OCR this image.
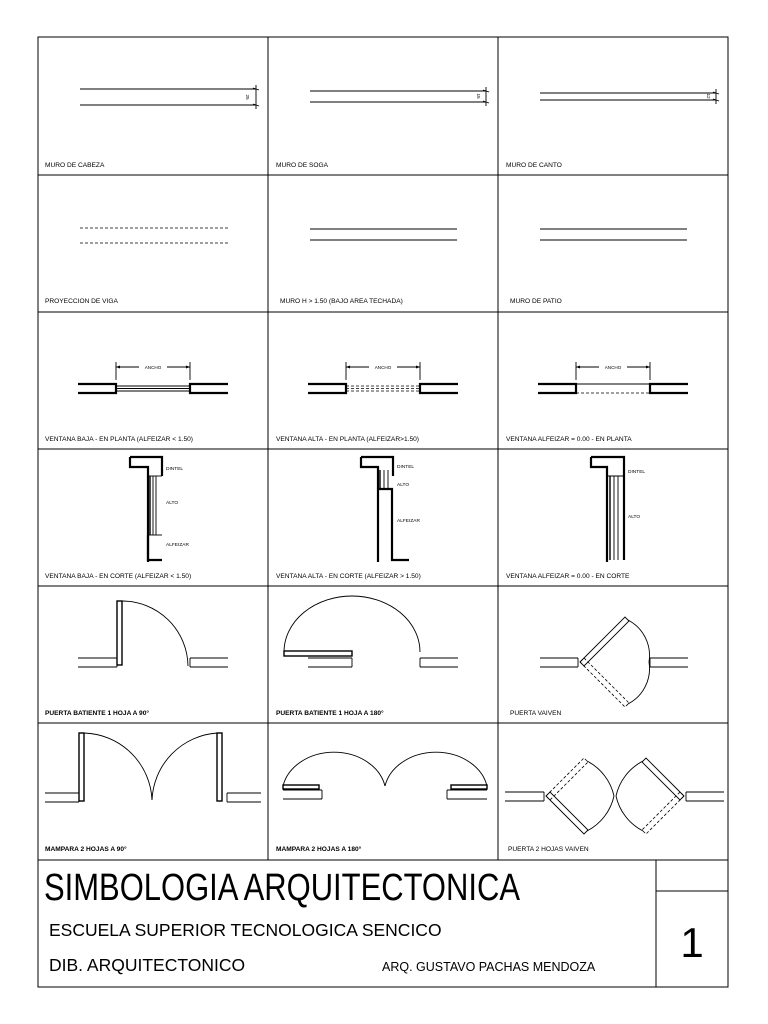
25
MURO DE CABEZA
15
MURO DE SOGA
12
MURO DE CANTO
PROYECCION DE VIGA	MURO H > 1.50 (BAJO AREA TECHADA)	MURO DE PATIO
ANCHO
VENTANA BAJA - EN PLANTA (ALFEIZAR < 1.50)
ANCHO
VENTANA ALTA - EN PLANTA (ALFEIZAR>1.50)
ANCHO
VENTANA ALFEIZAR = 0.00 - EN PLANTA
DINTEL
ALTO
ALFEIZAR
VENTANA BAJA - EN CORTE (ALFEIZAR < 1.50)
DINTEL
ALTO
ALFEIZAR
VENTANA ALTA - EN CORTE (ALFEIZAR > 1.50)
DINTEL
ALTO
VENTANA ALFEIZAR = 0.00 - EN CORTE
PUERTA BATIENTE 1 HOJA A 90°	PUERTA BATIENTE 1 HOJA A 180°	PUERTA VAIVEN
MAMPARA 2 HOJAS A 90°	MAMPARA 2 HOJAS A 180°	PUERTA 2 HOJAS VAIVEN
SIMBOLOGIA ARQUITECTONICA
ESCUELA SUPERIOR TECNOLOGICA SENCICO
DIB. ARQUITECTONICO	ARQ. GUSTAVO PACHAS MENDOZA
1
